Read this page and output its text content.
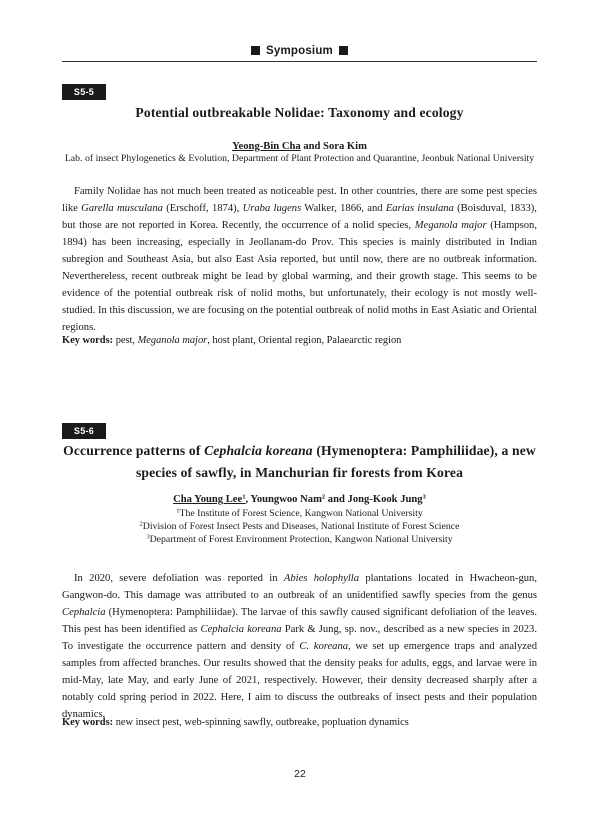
Symposium
S5-5
Potential outbreakable Nolidae: Taxonomy and ecology
Yeong-Bin Cha and Sora Kim
Lab. of insect Phylogenetics & Evolution, Department of Plant Protection and Quarantine, Jeonbuk National University

Family Nolidae has not much been treated as noticeable pest. In other countries, there are some pest species like Garella musculana (Erschoff, 1874), Uraba lugens Walker, 1866, and Earias insulana (Boisduval, 1833), but those are not reported in Korea. Recently, the occurrence of a nolid species, Meganola major (Hampson, 1894) has been increasing, especially in Jeollanam-do Prov. This species is mainly distributed in Indian subregion and Southeast Asia, but also East Asia reported, but until now, there are no outbreak information. Neverthereless, recent outbreak might be lead by global warming, and their growth stage. This seems to be evidence of the potential outbreak risk of nolid moths, but unfortunately, their ecology is not mostly well-studied. In this discussion, we are focusing on the potential outbreak of nolid moths in East Asiatic and Oriental regions.

Key words: pest, Meganola major, host plant, Oriental region, Palaearctic region
S5-6
Occurrence patterns of Cephalcia koreana (Hymenoptera: Pamphiliidae), a new
species of sawfly, in Manchurian fir forests from Korea
Cha Young Lee$^1$, Youngwoo Nam$^2$ and Jong-Kook Jung$^3$
$^1$The Institute of Forest Science, Kangwon National University
$^2$Division of Forest Insect Pests and Diseases, National Institute of Forest Science
$^3$Department of Forest Environment Protection, Kangwon National University

In 2020, severe defoliation was reported in Abies holophylla plantations located in Hwacheon-gun, Gangwon-do. This damage was attributed to an outbreak of an unidentified sawfly species from the genus Cephalcia (Hymenoptera: Pamphiliidae). The larvae of this sawfly caused significant defoliation of the leaves. This pest has been identified as Cephalcia koreana Park & Jung, sp. nov., described as a new species in 2023. To investigate the occurrence pattern and density of C. koreana, we set up emergence traps and analyzed samples from affected branches. Our results showed that the density peaks for adults, eggs, and larvae were in mid-May, late May, and early June of 2021, respectively. However, their density decreased sharply after a notably cold spring period in 2022. Here, I aim to discuss the outbreaks of insect pests and their population dynamics.

Key words: new insect pest, web-spinning sawfly, outbreake, popluation dynamics
22
